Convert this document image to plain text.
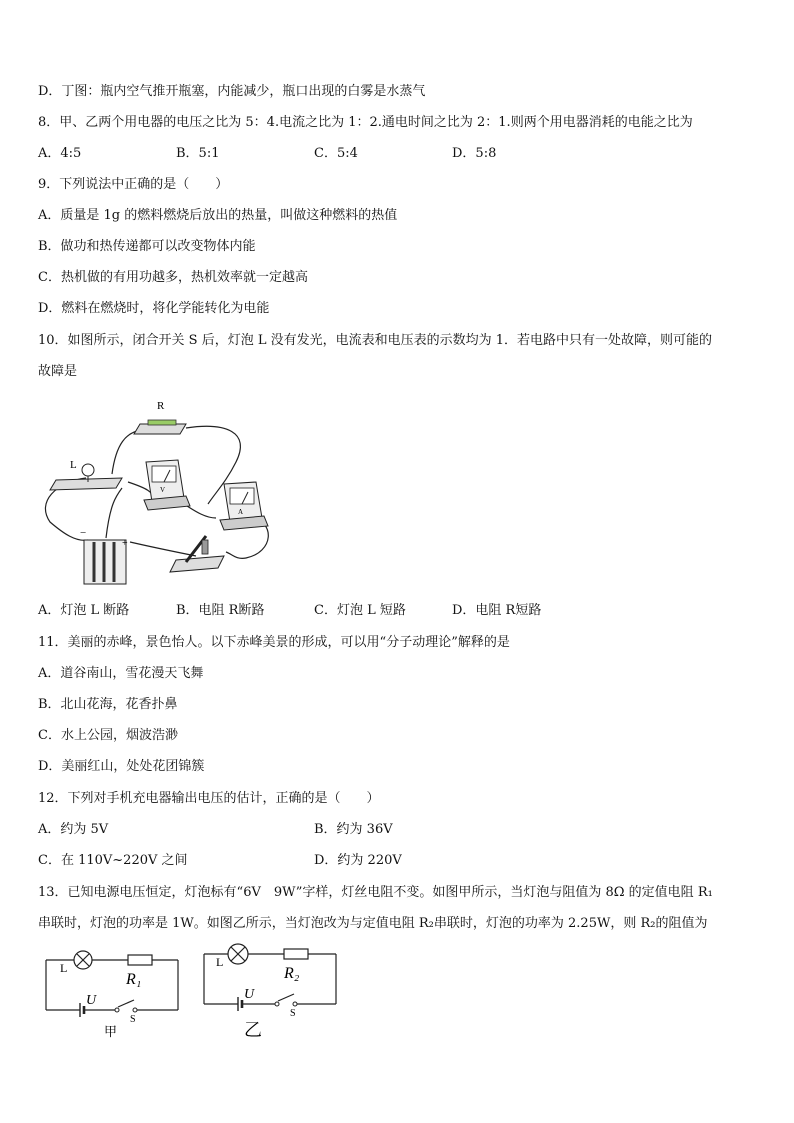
D．丁图：瓶内空气推开瓶塞，内能减少，瓶口出现的白雾是水蒸气
8．甲、乙两个用电器的电压之比为 5：4.电流之比为 1：2.通电时间之比为 2：1.则两个用电器消耗的电能之比为
A．4:5	B．5:1	C．5:4	D．5:8
9．下列说法中正确的是（　　）
A．质量是 1g 的燃料燃烧后放出的热量，叫做这种燃料的热值
B．做功和热传递都可以改变物体内能
C．热机做的有用功越多，热机效率就一定越高
D．燃料在燃烧时，将化学能转化为电能
10．如图所示，闭合开关 S 后，灯泡 L 没有发光，电流表和电压表的示数均为 1．若电路中只有一处故障，则可能的
故障是
R
L
V
A
−
+
A．灯泡 L 断路	B．电阻 R断路	C．灯泡 L 短路	D．电阻 R短路
11．美丽的赤峰，景色怡人。以下赤峰美景的形成，可以用“分子动理论”解释的是
A．道谷南山，雪花漫天飞舞
B．北山花海，花香扑鼻
C．水上公园，烟波浩渺
D．美丽红山，处处花团锦簇
12．下列对手机充电器输出电压的估计，正确的是（　　）
A．约为 5V	B．约为 36V
C．在 110V~220V 之间	D．约为 220V
13．已知电源电压恒定，灯泡标有“6V　9W”字样，灯丝电阻不变。如图甲所示，当灯泡与阻值为 8Ω 的定值电阻 R₁
串联时，灯泡的功率是 1W。如图乙所示，当灯泡改为与定值电阻 R₂串联时，灯泡的功率为 2.25W，则 R₂的阻值为
L
R₁
U
S
甲
L
R₂
U
S
乙
